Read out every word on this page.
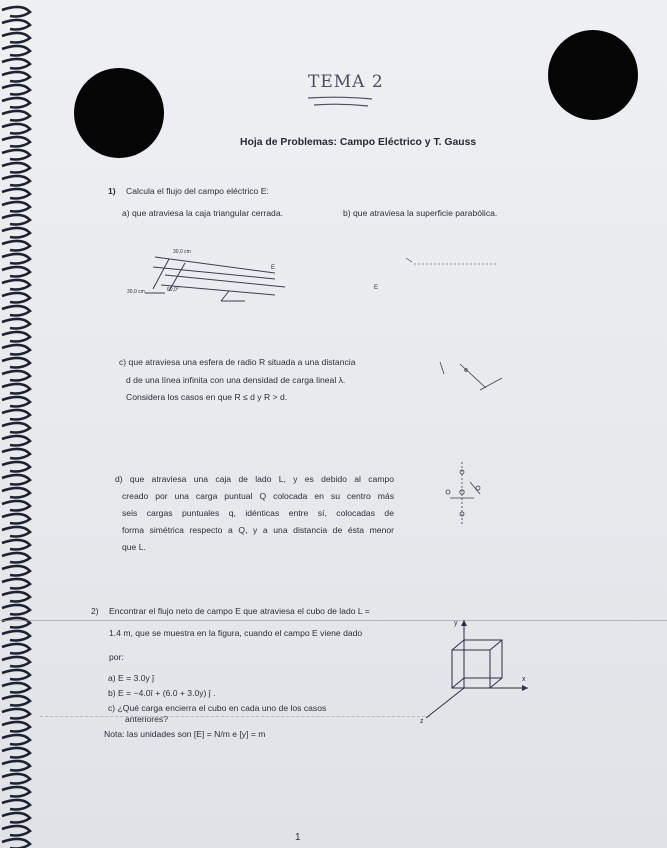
TEMA 2
Hoja de Problemas: Campo Eléctrico y T. Gauss
1) Calcula el flujo del campo eléctrico E:
a) que atraviesa la caja triangular cerrada.	b) que atraviesa la superficie parabólica.
30,0 cm
30,0 cm	60,0°
E
E
c) que atraviesa una esfera de radio R situada a una distancia
d de una línea infinita con una densidad de carga lineal λ.
Considera los casos en que R ≤ d y R > d.
d) que atraviesa una caja de lado L, y es debido al campo
creado por una carga puntual Q colocada en su centro más
seis cargas puntuales q, idénticas entre sí, colocadas de
forma simétrica respecto a Q, y a una distancia de ésta menor
que L.
2) Encontrar el flujo neto de campo E que atraviesa el cubo de lado L =
1.4 m, que se muestra en la figura, cuando el campo E viene dado
por:
a) E = 3.0y ĵ
b) E = −4.0î + (6.0 + 3.0y) ĵ .
c) ¿Qué carga encierra el cubo en cada uno de los casos
anteriores?
Nota: las unidades son [E] = N/m e [y] = m
y
x
z
1
